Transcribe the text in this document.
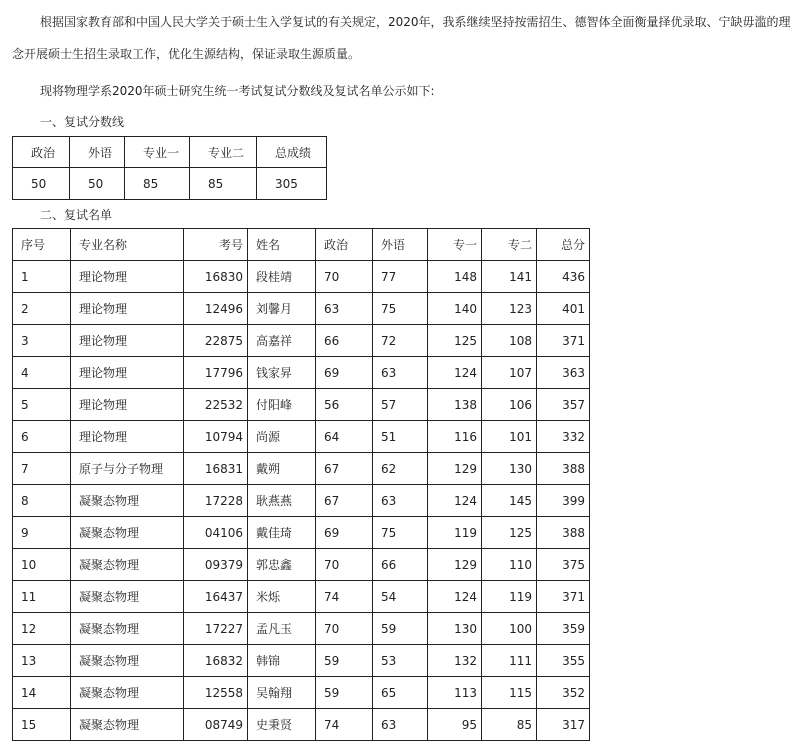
根据国家教育部和中国人民大学关于硕士生入学复试的有关规定，2020年，我系继续坚持按需招生、德智体全面衡量择优录取、宁缺毋滥的理

念开展硕士生招生录取工作，优化生源结构，保证录取生源质量。

现将物理学系2020年硕士研究生统一考试复试分数线及复试名单公示如下:

一、复试分数线

政治	外语	专业一	专业二	总成绩
50	50	85	85	305

二、复试名单

序号	专业名称	考号	姓名	政治	外语	专一	专二	总分
1	理论物理	16830	段桂靖	70	77	148	141	436
2	理论物理	12496	刘馨月	63	75	140	123	401
3	理论物理	22875	高嘉祥	66	72	125	108	371
4	理论物理	17796	钱家昇	69	63	124	107	363
5	理论物理	22532	付阳峰	56	57	138	106	357
6	理论物理	10794	尚源	64	51	116	101	332
7	原子与分子物理	16831	戴朔	67	62	129	130	388
8	凝聚态物理	17228	耿燕燕	67	63	124	145	399
9	凝聚态物理	04106	戴佳琦	69	75	119	125	388
10	凝聚态物理	09379	郭忠鑫	70	66	129	110	375
11	凝聚态物理	16437	米烁	74	54	124	119	371
12	凝聚态物理	17227	孟凡玉	70	59	130	100	359
13	凝聚态物理	16832	韩锦	59	53	132	111	355
14	凝聚态物理	12558	吴翰翔	59	65	113	115	352
15	凝聚态物理	08749	史秉贤	74	63	95	85	317
